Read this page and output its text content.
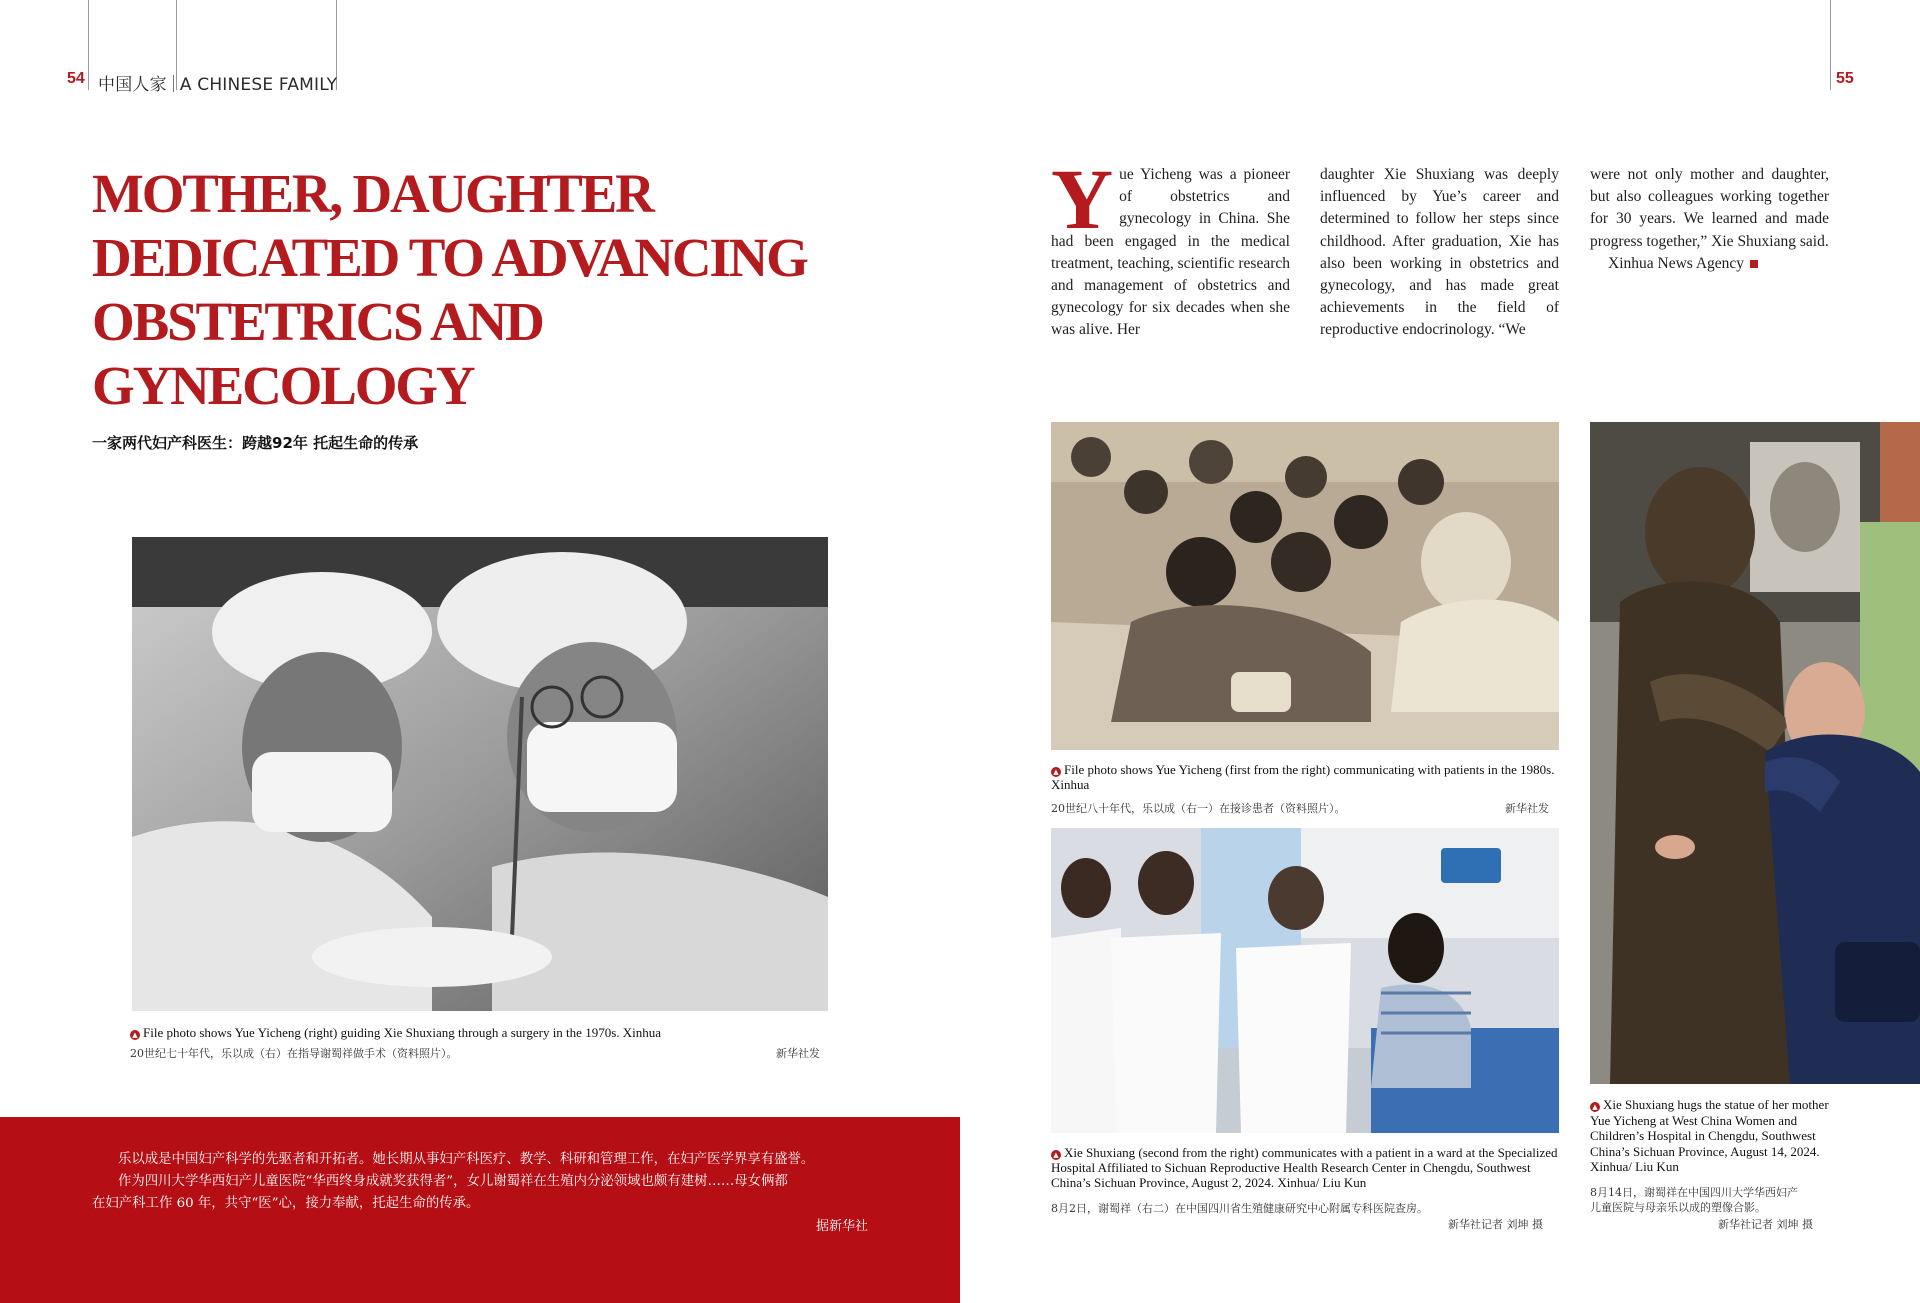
54 中国人家 A CHINESE FAMILY	55
MOTHER, DAUGHTER
DEDICATED TO ADVANCING
OBSTETRICS AND
GYNECOLOGY
一家两代妇产科医生：跨越92年 托起生命的传承
▲ File photo shows Yue Yicheng (right) guiding Xie Shuxiang through a surgery in the 1970s. Xinhua
20世纪七十年代，乐以成（右）在指导谢蜀祥做手术（资料照片）。	新华社发

乐以成是中国妇产科学的先驱者和开拓者。她长期从事妇产科医疗、教学、科研和管理工作，在妇产医学界享有盛誉。

作为四川大学华西妇产儿童医院“华西终身成就奖获得者”，女儿谢蜀祥在生殖内分泌领域也颇有建树……母女俩都

在妇产科工作 60 年，共守“医”心，接力奉献，托起生命的传承。

据新华社
Yue Yicheng was a pioneer of obstetrics and gynecology in China. She had been engaged in the medical treatment, teaching, scientific research and management of obstetrics and gynecology for six decades when she was alive. Her
daughter Xie Shuxiang was deeply influenced by Yue’s career and determined to follow her steps since childhood. After graduation, Xie has also been working in obstetrics and gynecology, and has made great achievements in the field of reproductive endocrinology. “We
were not only mother and daughter, but also colleagues working together for 30 years. We learned and made progress together,” Xie Shuxiang said.
Xinhua News Agency
▲ File photo shows Yue Yicheng (first from the right) communicating with patients in the 1980s. Xinhua
20世纪八十年代，乐以成（右一）在接诊患者（资料照片）。	新华社发
▲ Xie Shuxiang (second from the right) communicates with a patient in a ward at the Specialized Hospital Affiliated to Sichuan Reproductive Health Research Center in Chengdu, Southwest China’s Sichuan Province, August 2, 2024. Xinhua/ Liu Kun
8月2日，谢蜀祥（右二）在中国四川省生殖健康研究中心附属专科医院查房。
新华社记者 刘坤 摄
▲ Xie Shuxiang hugs the statue of her mother Yue Yicheng at West China Women and Children’s Hospital in Chengdu, Southwest China’s Sichuan Province, August 14, 2024. Xinhua/ Liu Kun
8月14日，谢蜀祥在中国四川大学华西妇产
儿童医院与母亲乐以成的塑像合影。
新华社记者 刘坤 摄
